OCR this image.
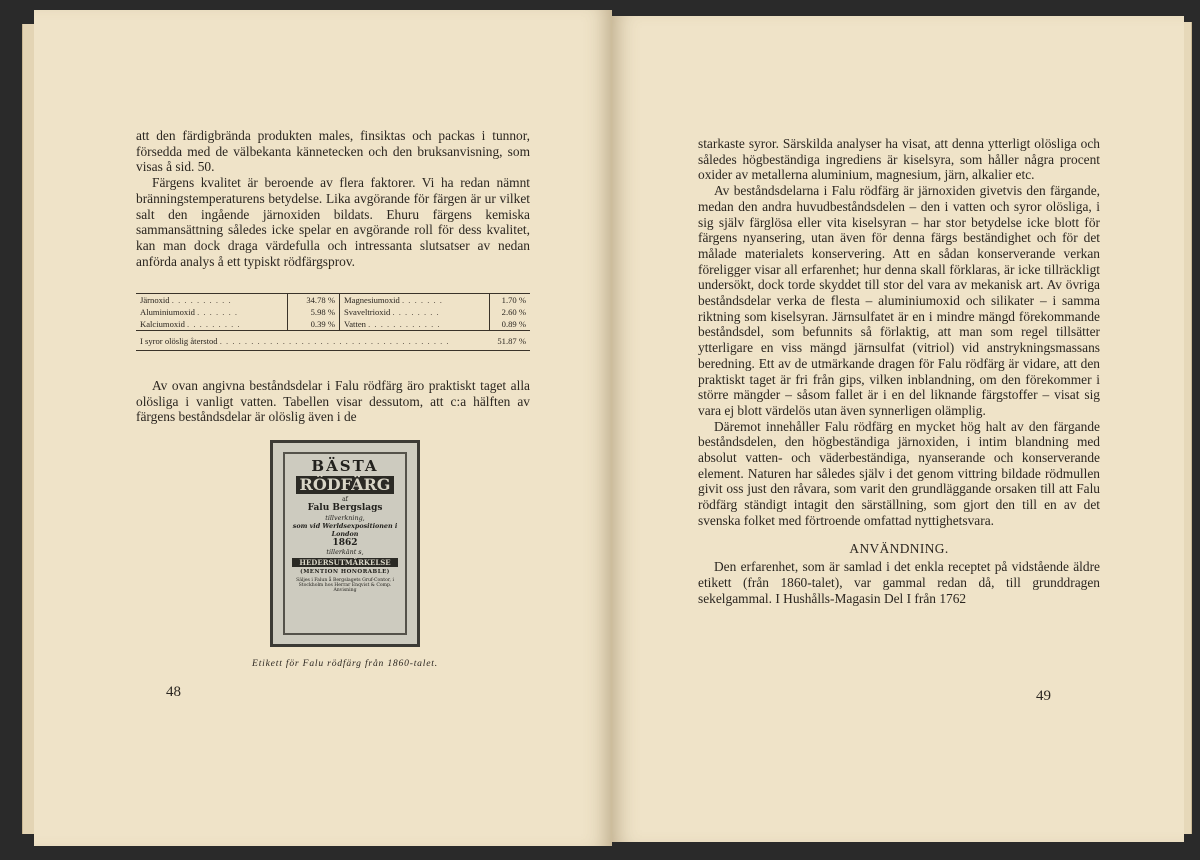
att den färdigbrända produkten males, finsiktas och packas i tunnor, försedda med de välbekanta kännetecken och den bruksanvisning, som visas å sid. 50.

Färgens kvalitet är beroende av flera faktorer. Vi ha redan nämnt bränningstemperaturens betydelse. Lika avgörande för färgen är ur vilket salt den ingående järnoxiden bildats. Ehuru färgens kemiska sammansättning således icke spelar en avgörande roll för dess kvalitet, kan man dock draga värdefulla och intressanta slutsatser av nedan anförda analys å ett typiskt rödfärgsprov.

Järnoxid . . . . . . . . . .	34.78 %	Magnesiumoxid . . . . . . .	1.70 %
Aluminiumoxid . . . . . . .	5.98 %	Svaveltrioxid . . . . . . . .	2.60 %
Kalciumoxid . . . . . . . . .	0.39 %	Vatten . . . . . . . . . . . .	0.89 %
I syror olöslig återstod . . . . . . . . . . . . . . . . . . . . . . . . . . . . . . . . . . . . .			51.87 %

Av ovan angivna beståndsdelar i Falu rödfärg äro praktiskt taget alla olösliga i vanligt vatten. Tabellen visar dessutom, att c:a hälften av färgens beståndsdelar är olöslig även i de

BÄSTA
RÖDFÄRG
af
Falu Bergslags
tillverkning,
som vid Werldsexpositionen i London
1862
tillerkänt s,
HEDERSUTMÄRKELSE
(MENTION HONORABLE)
Säljes i Falun å Bergslagets Gruf-Contor, i Stockholm hos Herrar Enqvist & Comp. Anvisning
Etikett för Falu rödfärg från 1860-talet.
48

starkaste syror. Särskilda analyser ha visat, att denna ytterligt olösliga och således högbeständiga ingrediens är kiselsyra, som håller några procent oxider av metallerna aluminium, magnesium, järn, alkalier etc.

Av beståndsdelarna i Falu rödfärg är järnoxiden givetvis den färgande, medan den andra huvudbeståndsdelen – den i vatten och syror olösliga, i sig själv färglösa eller vita kiselsyran – har stor betydelse icke blott för färgens nyansering, utan även för denna färgs beständighet och för det målade materialets konservering. Att en sådan konserverande verkan föreligger visar all erfarenhet; hur denna skall förklaras, är icke tillräckligt undersökt, dock torde skyddet till stor del vara av mekanisk art. Av övriga beståndsdelar verka de flesta – aluminiumoxid och silikater – i samma riktning som kiselsyran. Järnsulfatet är en i mindre mängd förekommande beståndsdel, som befunnits så förlaktig, att man som regel tillsätter ytterligare en viss mängd järnsulfat (vitriol) vid anstrykningsmassans beredning. Ett av de utmärkande dragen för Falu rödfärg är vidare, att den praktiskt taget är fri från gips, vilken inblandning, om den förekommer i större mängder – såsom fallet är i en del liknande färgstoffer – visat sig vara ej blott värdelös utan även synnerligen olämplig.

Däremot innehåller Falu rödfärg en mycket hög halt av den färgande beståndsdelen, den högbeständiga järnoxiden, i intim blandning med absolut vatten- och väderbeständiga, nyanserande och konserverande element. Naturen har således själv i det genom vittring bildade rödmullen givit oss just den råvara, som varit den grundläggande orsaken till att Falu rödfärg ständigt intagit den särställning, som gjort den till en av det svenska folket med förtroende omfattad nyttighetsvara.

ANVÄNDNING.

Den erfarenhet, som är samlad i det enkla receptet på vidstående äldre etikett (från 1860-talet), var gammal redan då, till grunddragen sekelgammal. I Hushålls-Magasin Del I från 1762

49
